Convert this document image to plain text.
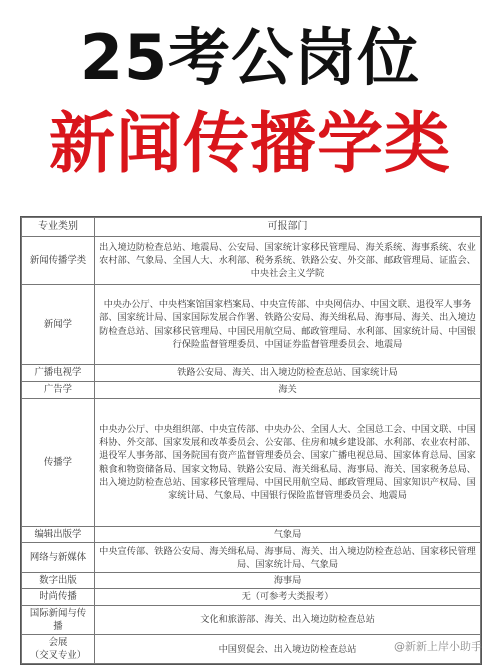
25考公岗位
新闻传播学类
专业类别	可报部门
新闻传播学类	出入境边防检查总站、地震局、公安局、国家统计家移民管理局、海关系统、海事系统、农业农村部、气象局、全国人大、水利部、税务系统、铁路公安、外交部、邮政管理局、证监会、中央社会主义学院
新闻学	中央办公厅、中央档案馆国家档案局、中央宣传部、中央网信办、中国文联、退役军人事务部、国家统计局、国家国际发展合作署、铁路公安局、海关缉私局、海事局、海关、出入境边防检查总站、国家移民管理局、中国民用航空局、邮政管理局、水利部、国家统计局、中国银行保险监督管理委员、中国证券监督管理委员会、地震局
广播电视学	铁路公安局、海关、出入境边防检查总站、国家统计局
广告学	海关
传播学	中央办公厅、中央组织部、中央宣传部、中央办公、全国人大、全国总工会、中国文联、中国科协、外交部、国家发展和改革委员会、公安部、住房和城乡建设部、水利部、农业农村部、退役军人事务部、国务院国有资产监督管理委员会、国家广播电视总局、国家体育总局、国家粮食和物资储备局、国家文物局、铁路公安局、海关缉私局、海事局、海关、国家税务总局、出入境边防检查总站、国家移民管理局、中国民用航空局、邮政管理局、国家知识产权局、国家统计局、气象局、中国银行保险监督管理委员会、地震局
编辑出版学	气象局
网络与新媒体	中央宣传部、铁路公安局、海关缉私局、海事局、海关、出入境边防检查总站、国家移民管理局、国家统计局、气象局
数字出版	海事局
时尚传播	无（可参考大类报考）
国际新闻与传播	文化和旅游部、海关、出入境边防检查总站
会展
（交叉专业）	中国贸促会、出入境边防检查总站	@新新上岸小助手
